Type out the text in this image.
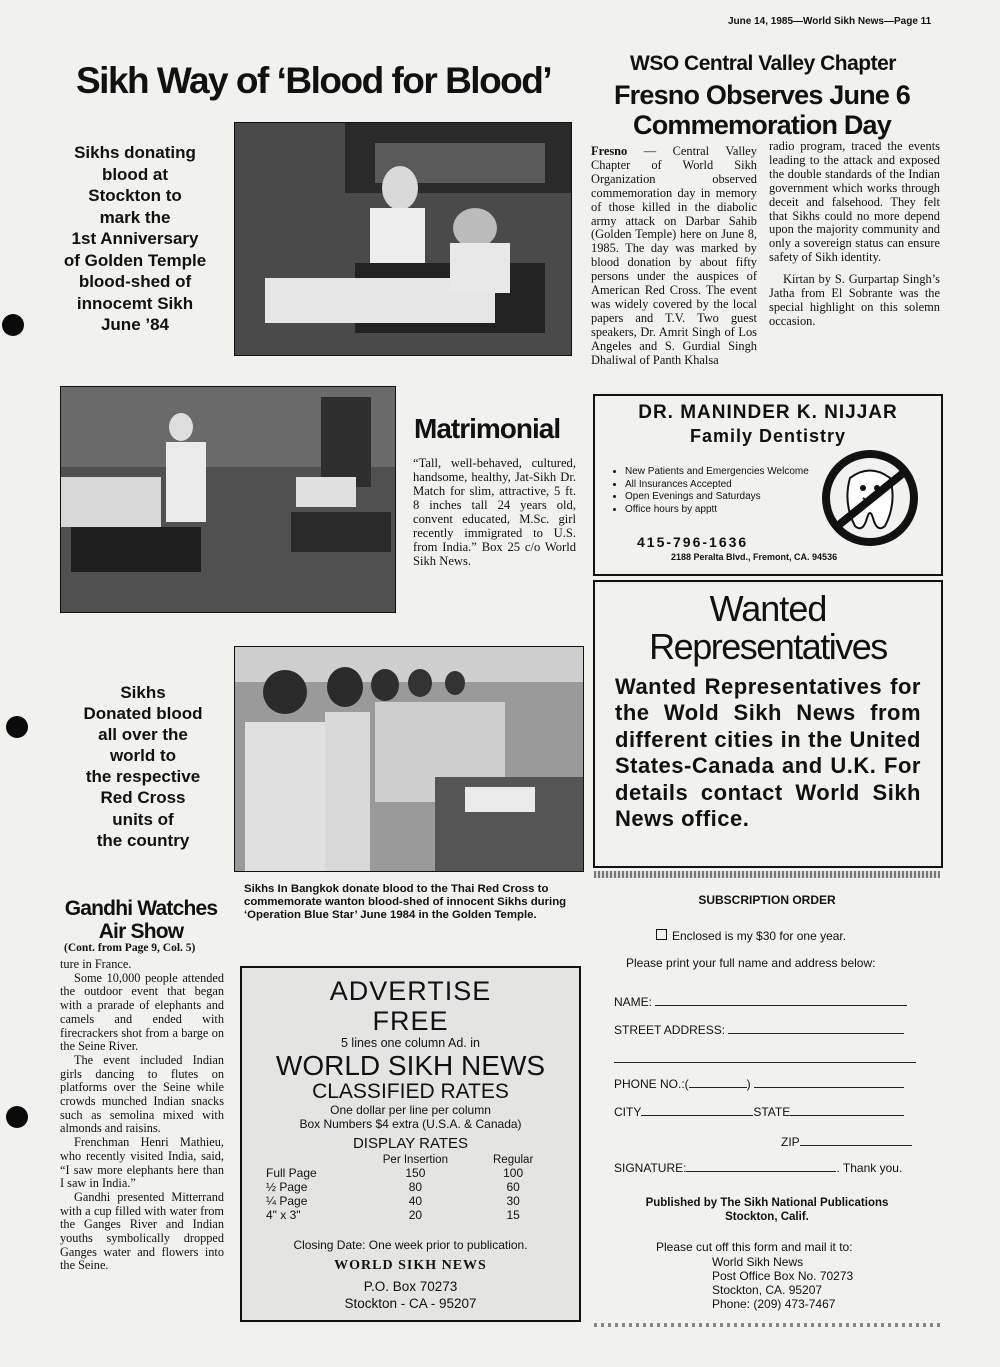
June 14, 1985—World Sikh News—Page 11
Sikh Way of ‘Blood for Blood’
Sikhs donating
blood at
Stockton to
mark the
1st Anniversary
of Golden Temple
blood-shed of
innocemt Sikh
June ’84
WSO Central Valley Chapter
Fresno Observes June 6
Commemoration Day
Fresno — Central Valley Chapter of World Sikh Organization observed commemoration day in memory of those killed in the diabolic army attack on Darbar Sahib (Golden Temple) here on June 8, 1985. The day was marked by blood donation by about fifty persons under the auspices of American Red Cross. The event was widely covered by the local papers and T.V. Two guest speakers, Dr. Amrit Singh of Los Angeles and S. Gurdial Singh Dhaliwal of Panth Khalsa

radio program, traced the events leading to the attack and exposed the double standards of the Indian government which works through deceit and falsehood. They felt that Sikhs could no more depend upon the majority community and only a sovereign status can ensure safety of Sikh identity.

Kirtan by S. Gurpartap Singh’s Jatha from El Sobrante was the special highlight on this solemn occasion.

Matrimonial
“Tall, well-behaved, cultured, handsome, healthy, Jat-Sikh Dr. Match for slim, attractive, 5 ft. 8 inches tall 24 years old, convent educated, M.Sc. girl recently immigrated to U.S. from India.” Box 25 c/o World Sikh News.
DR. MANINDER K. NIJJAR
Family Dentistry
• New Patients and Emergencies Welcome
• All Insurances Accepted
• Open Evenings and Saturdays
• Office hours by apptt
415-796-1636
2188 Peralta Blvd., Fremont, CA. 94536
Wanted
Representatives
Wanted Representatives for the Wold Sikh News from different cities in the United States-Canada and U.K. For details contact World Sikh News office.
Sikhs
Donated blood
all over the
world to
the respective
Red Cross
units of
the country
Sikhs In Bangkok donate blood to the Thai Red Cross to commemorate wanton blood-shed of innocent Sikhs during ‘Operation Blue Star’ June 1984 in the Golden Temple.
Gandhi Watches
Air Show
(Cont. from Page 9, Col. 5)

ture in France.

Some 10,000 people attended the outdoor event that began with a prarade of elephants and camels and ended with firecrackers shot from a barge on the Seine River.

The event included Indian girls dancing to flutes on platforms over the Seine while crowds munched Indian snacks such as semolina mixed with almonds and raisins.

Frenchman Henri Mathieu, who recently visited India, said, “I saw more elephants here than I saw in India.”

Gandhi presented Mitterrand with a cup filled with water from the Ganges River and Indian youths symbolically dropped Ganges water and flowers into the Seine.

ADVERTISE
FREE
5 lines one column Ad. in
WORLD SIKH NEWS
CLASSIFIED RATES
One dollar per line per column
Box Numbers $4 extra (U.S.A. & Canada)
DISPLAY RATES
	Per Insertion	Regular
Full Page	150	100
½ Page	80	60
¼ Page	40	30
4" x 3"	20	15
Closing Date: One week prior to publication.
WORLD SIKH NEWS
P.O. Box 70273
Stockton - CA - 95207
SUBSCRIPTION ORDER
Enclosed is my $30 for one year.
Please print your full name and address below:
NAME:
STREET ADDRESS:
PHONE NO.:(	)
CITY	STATE
ZIP
SIGNATURE:	. Thank you.
Published by The Sikh National Publications
Stockton, Calif.
Please cut off this form and mail it to:
World Sikh News
Post Office Box No. 70273
Stockton, CA. 95207
Phone: (209) 473-7467
